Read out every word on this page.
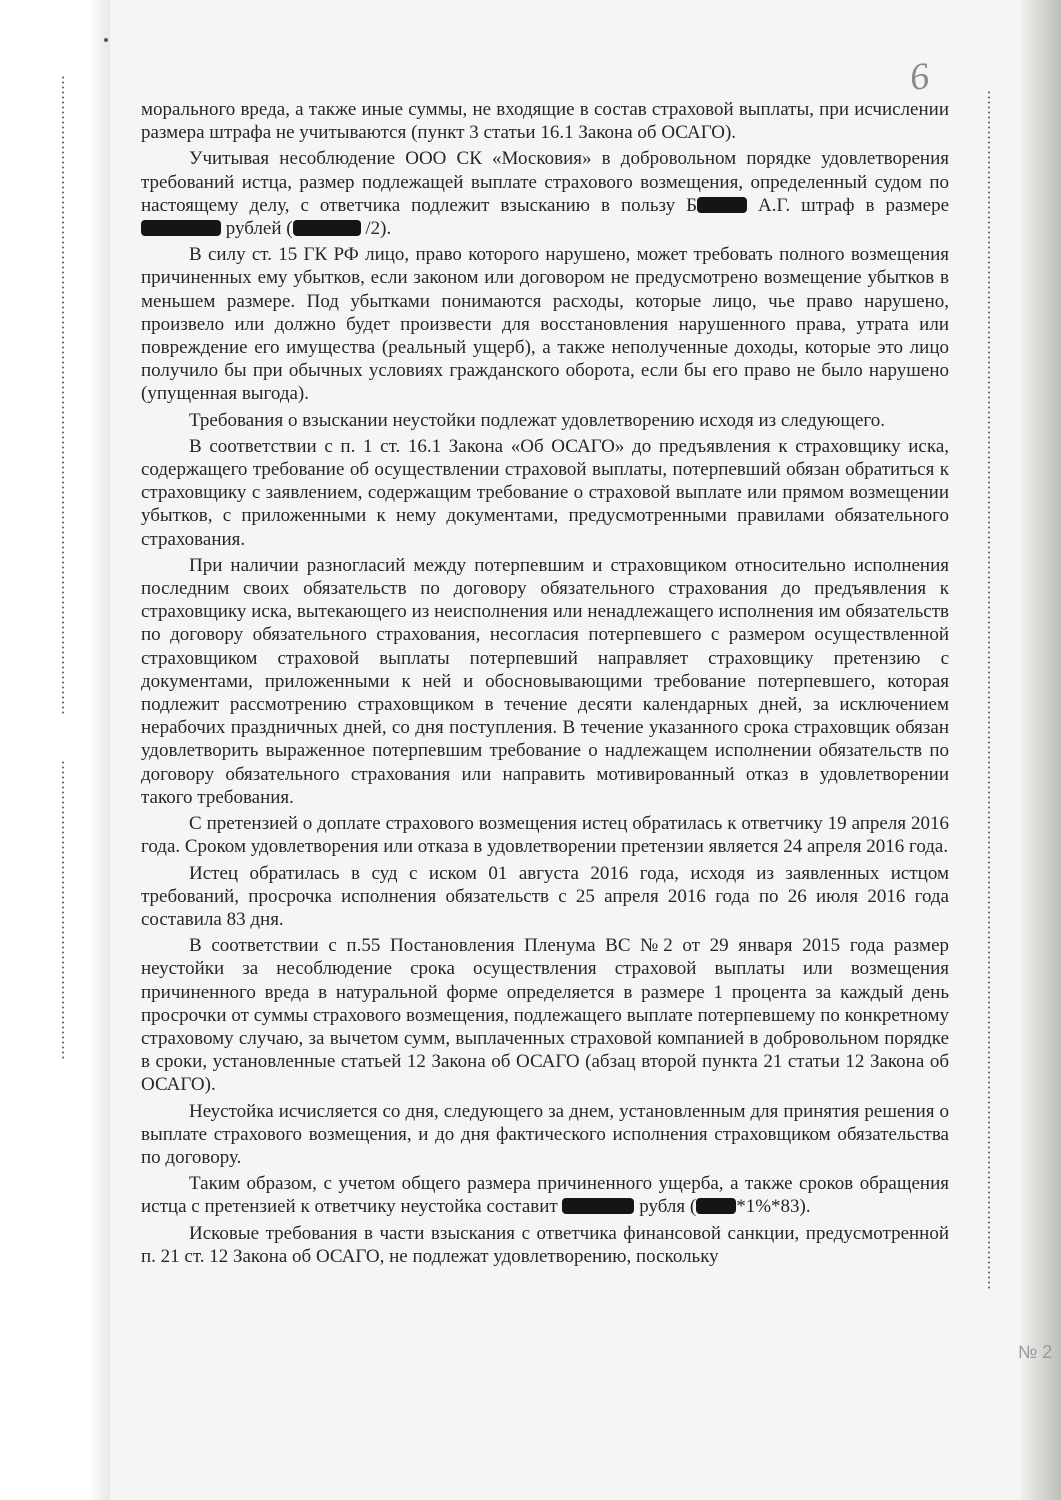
6
№ 2

морального вреда, а также иные суммы, не входящие в состав страховой выплаты, при исчислении размера штрафа не учитываются (пункт 3 статьи 16.1 Закона об ОСАГО).

Учитывая несоблюдение ООО СК «Московия» в добровольном порядке удовлетворения требований истца, размер подлежащей выплате страхового возмещения, определенный судом по настоящему делу, с ответчика подлежит взысканию в пользу Б	А.Г. штраф в размере  рублей (	/2).

В силу ст. 15 ГК РФ лицо, право которого нарушено, может требовать полного возмещения причиненных ему убытков, если законом или договором не предусмотрено возмещение убытков в меньшем размере. Под убытками понимаются расходы, которые лицо, чье право нарушено, произвело или должно будет произвести для восстановления нарушенного права, утрата или повреждение его имущества (реальный ущерб), а также неполученные доходы, которые это лицо получило бы при обычных условиях гражданского оборота, если бы его право не было нарушено (упущенная выгода).

Требования о взыскании неустойки подлежат удовлетворению исходя из следующего.

В соответствии с п. 1 ст. 16.1 Закона «Об ОСАГО» до предъявления к страховщику иска, содержащего требование об осуществлении страховой выплаты, потерпевший обязан обратиться к страховщику с заявлением, содержащим требование о страховой выплате или прямом возмещении убытков, с приложенными к нему документами, предусмотренными правилами обязательного страхования.

При наличии разногласий между потерпевшим и страховщиком относительно исполнения последним своих обязательств по договору обязательного страхования до предъявления к страховщику иска, вытекающего из неисполнения или ненадлежащего исполнения им обязательств по договору обязательного страхования, несогласия потерпевшего с размером осуществленной страховщиком страховой выплаты потерпевший направляет страховщику претензию с документами, приложенными к ней и обосновывающими требование потерпевшего, которая подлежит рассмотрению страховщиком в течение десяти календарных дней, за исключением нерабочих праздничных дней, со дня поступления. В течение указанного срока страховщик обязан удовлетворить выраженное потерпевшим требование о надлежащем исполнении обязательств по договору обязательного страхования или направить мотивированный отказ в удовлетворении такого требования.

С претензией о доплате страхового возмещения истец обратилась к ответчику 19 апреля 2016 года. Сроком удовлетворения или отказа в удовлетворении претензии является 24 апреля 2016 года.

Истец обратилась в суд с иском 01 августа 2016 года, исходя из заявленных истцом требований, просрочка исполнения обязательств с 25 апреля 2016 года по 26 июля 2016 года составила 83 дня.

В соответствии с п.55 Постановления Пленума ВС №2 от 29 января 2015 года размер неустойки за несоблюдение срока осуществления страховой выплаты или возмещения причиненного вреда в натуральной форме определяется в размере 1 процента за каждый день просрочки от суммы страхового возмещения, подлежащего выплате потерпевшему по конкретному страховому случаю, за вычетом сумм, выплаченных страховой компанией в добровольном порядке в сроки, установленные статьей 12 Закона об ОСАГО (абзац второй пункта 21 статьи 12 Закона об ОСАГО).

Неустойка исчисляется со дня, следующего за днем, установленным для принятия решения о выплате страхового возмещения, и до дня фактического исполнения страховщиком обязательства по договору.

Таким образом, с учетом общего размера причиненного ущерба, а также сроков обращения истца с претензией к ответчику неустойка составит	рубля ( *1%*83).

Исковые требования в части взыскания с ответчика финансовой санкции, предусмотренной п. 21 ст. 12 Закона об ОСАГО, не подлежат удовлетворению, поскольку
